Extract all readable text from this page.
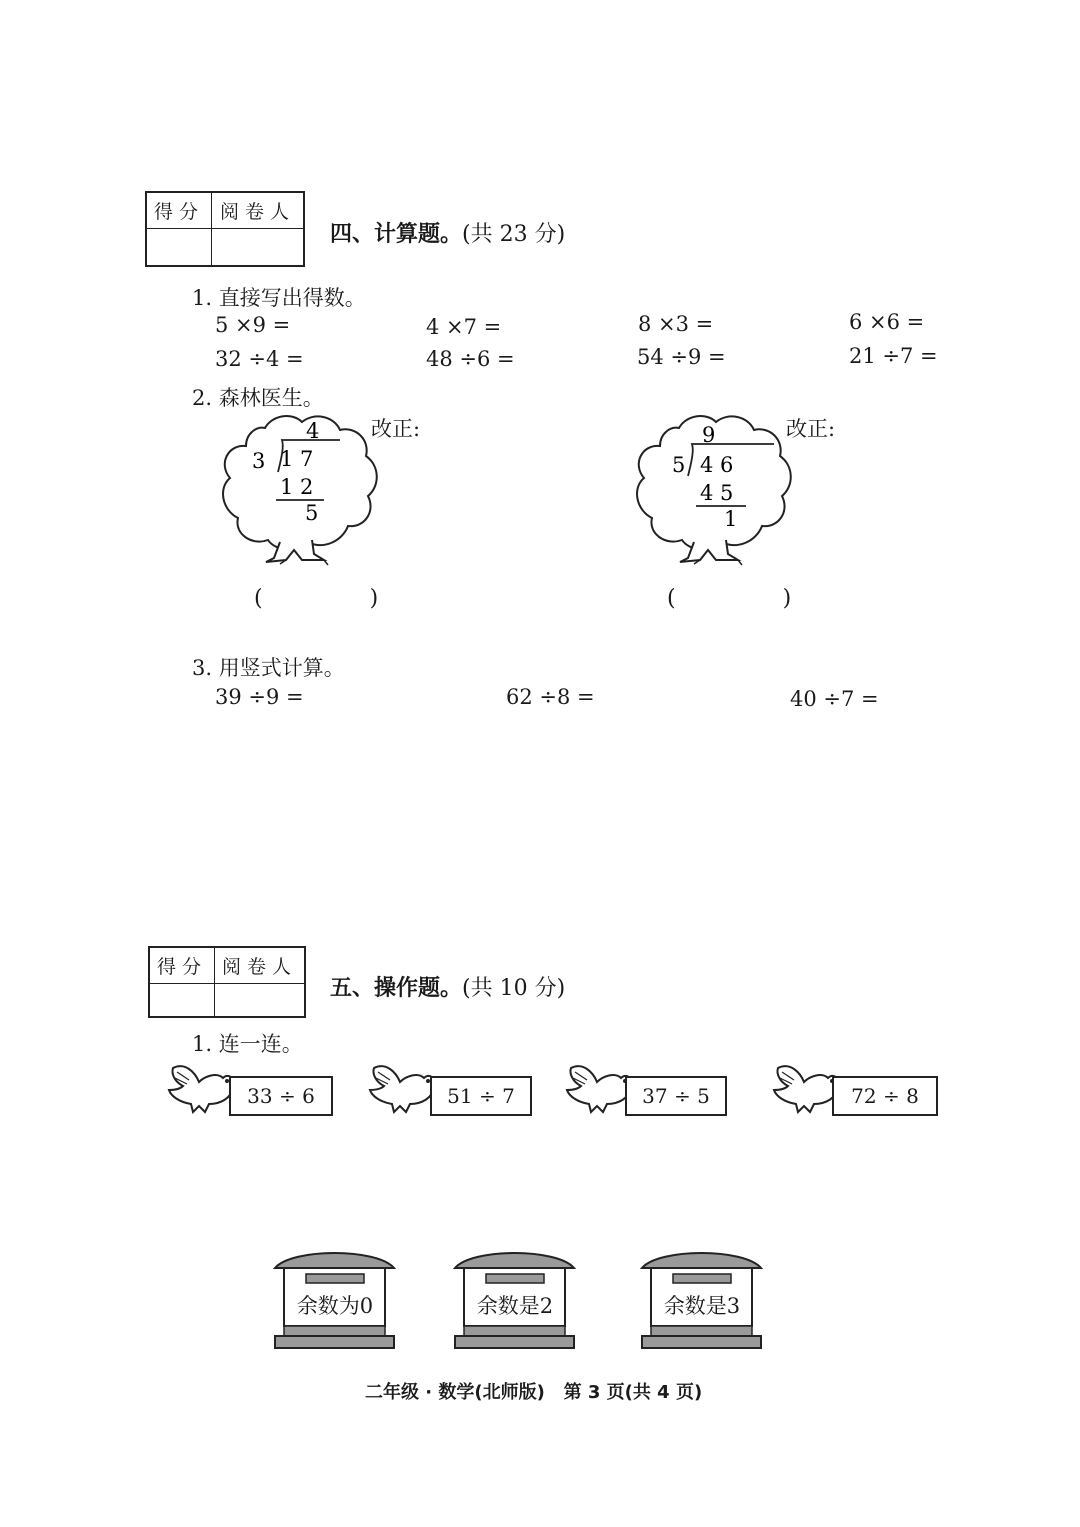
得分	阅卷人

四、计算题。(共 23 分)
1. 直接写出得数。
5 ×9 =	4 ×7 =	8 ×3 =	6 ×6 =
32 ÷4 =	48 ÷6 =	54 ÷9 =	21 ÷7 =
2. 森林医生。
改正:	改正:
4
3 1 7
1 2
5
( )
9
5 4 6
4 5
1
( )
3. 用竖式计算。
39 ÷9 =	62 ÷8 =	40 ÷7 =
得分	阅卷人

五、操作题。(共 10 分)
1. 连一连。
33 ÷ 6	51 ÷ 7	37 ÷ 5	72 ÷ 8
余数为0	余数是2	余数是3
二年级 · 数学(北师版)   第 3 页(共 4 页)
